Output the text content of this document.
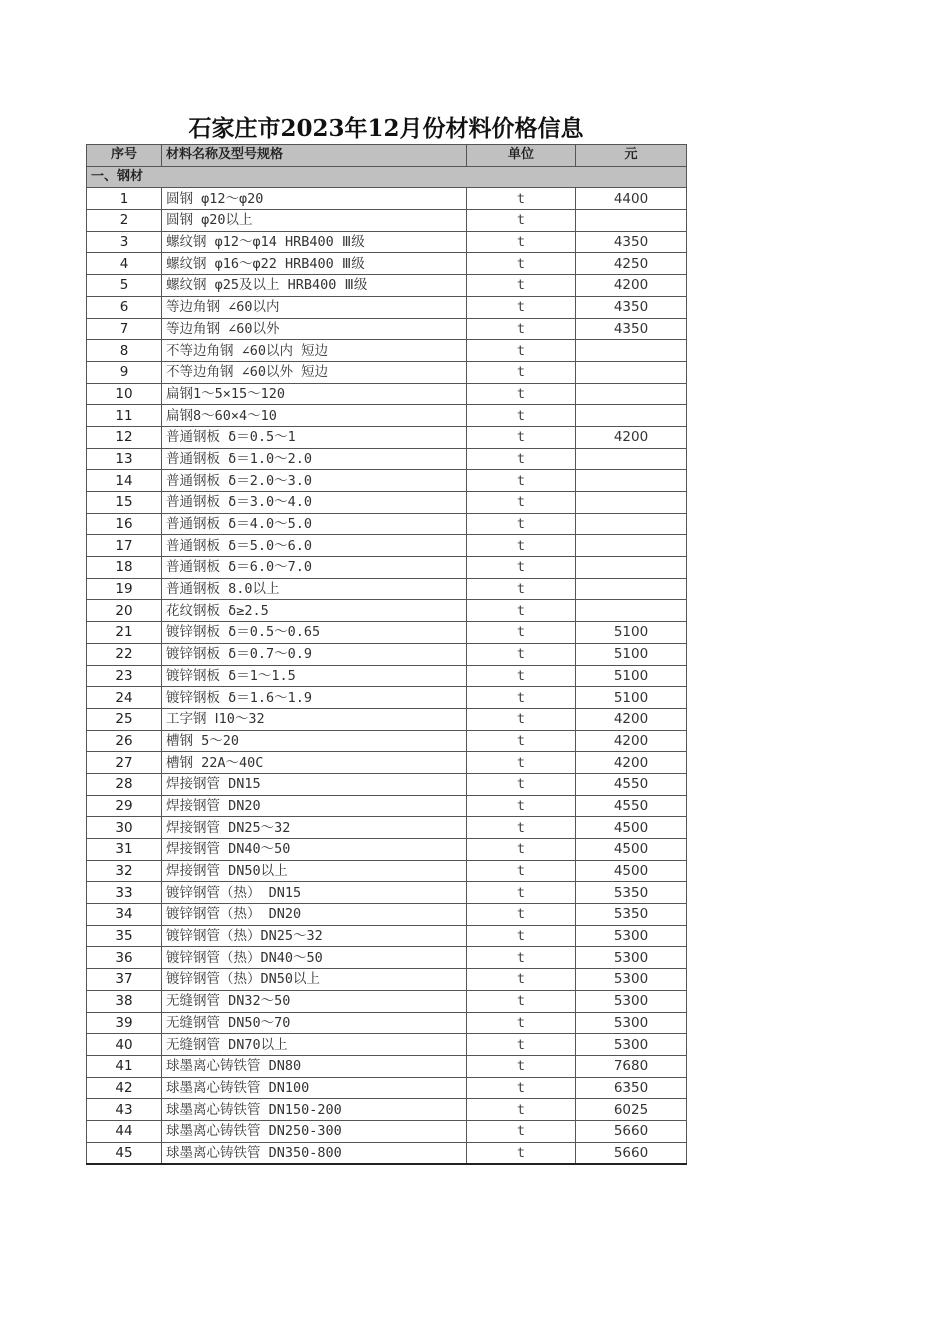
石家庄市2023年12月份材料价格信息
序号	材料名称及型号规格	单位	元
一、钢材			
1	圆钢 φ12～φ20	t	4400
2	圆钢 φ20以上	t	
3	螺纹钢 φ12～φ14 HRB400 Ⅲ级	t	4350
4	螺纹钢 φ16～φ22 HRB400 Ⅲ级	t	4250
5	螺纹钢 φ25及以上 HRB400 Ⅲ级	t	4200
6	等边角钢 ∠60以内	t	4350
7	等边角钢 ∠60以外	t	4350
8	不等边角钢 ∠60以内 短边	t	
9	不等边角钢 ∠60以外 短边	t	
10	扁钢1～5×15～120	t	
11	扁钢8～60×4～10	t	
12	普通钢板 δ＝0.5～1	t	4200
13	普通钢板 δ＝1.0～2.0	t	
14	普通钢板 δ＝2.0～3.0	t	
15	普通钢板 δ＝3.0～4.0	t	
16	普通钢板 δ＝4.0～5.0	t	
17	普通钢板 δ＝5.0～6.0	t	
18	普通钢板 δ＝6.0～7.0	t	
19	普通钢板 8.0以上	t	
20	花纹钢板 δ≥2.5	t	
21	镀锌钢板 δ＝0.5～0.65	t	5100
22	镀锌钢板 δ＝0.7～0.9	t	5100
23	镀锌钢板 δ＝1～1.5	t	5100
24	镀锌钢板 δ＝1.6～1.9	t	5100
25	工字钢 Ⅰ10～32	t	4200
26	槽钢 5～20	t	4200
27	槽钢 22A～40C	t	4200
28	焊接钢管 DN15	t	4550
29	焊接钢管 DN20	t	4550
30	焊接钢管 DN25～32	t	4500
31	焊接钢管 DN40～50	t	4500
32	焊接钢管 DN50以上	t	4500
33	镀锌钢管（热） DN15	t	5350
34	镀锌钢管（热） DN20	t	5350
35	镀锌钢管（热）DN25～32	t	5300
36	镀锌钢管（热）DN40～50	t	5300
37	镀锌钢管（热）DN50以上	t	5300
38	无缝钢管 DN32～50	t	5300
39	无缝钢管 DN50～70	t	5300
40	无缝钢管 DN70以上	t	5300
41	球墨离心铸铁管 DN80	t	7680
42	球墨离心铸铁管 DN100	t	6350
43	球墨离心铸铁管 DN150-200	t	6025
44	球墨离心铸铁管 DN250-300	t	5660
45	球墨离心铸铁管 DN350-800	t	5660
